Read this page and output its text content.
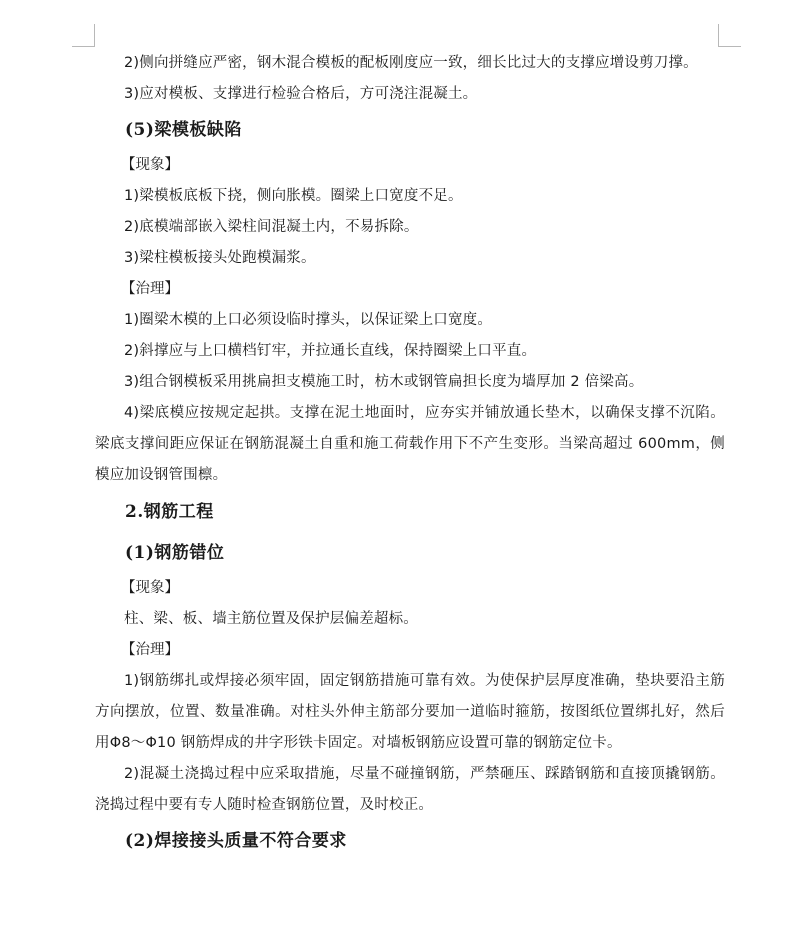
2)侧向拼缝应严密，钢木混合模板的配板刚度应一致，细长比过大的支撑应增设剪刀撑。

3)应对模板、支撑进行检验合格后，方可浇注混凝土。

(5)梁模板缺陷

【现象】

1)梁模板底板下挠，侧向胀模。圈梁上口宽度不足。

2)底模端部嵌入梁柱间混凝土内，不易拆除。

3)梁柱模板接头处跑模漏浆。

【治理】

1)圈梁木模的上口必须设临时撑头，以保证梁上口宽度。

2)斜撑应与上口横档钉牢，并拉通长直线，保持圈梁上口平直。

3)组合钢模板采用挑扁担支模施工时，枋木或钢管扁担长度为墙厚加 2 倍梁高。

4)梁底模应按规定起拱。支撑在泥土地面时，应夯实并铺放通长垫木，以确保支撑不沉陷。梁底支撑间距应保证在钢筋混凝土自重和施工荷载作用下不产生变形。当梁高超过 600mm，侧模应加设钢管围檩。

2.钢筋工程
(1)钢筋错位

【现象】

柱、梁、板、墙主筋位置及保护层偏差超标。

【治理】

1)钢筋绑扎或焊接必须牢固，固定钢筋措施可靠有效。为使保护层厚度准确，垫块要沿主筋方向摆放，位置、数量准确。对柱头外伸主筋部分要加一道临时箍筋，按图纸位置绑扎好，然后用Φ8～Φ10 钢筋焊成的井字形铁卡固定。对墙板钢筋应设置可靠的钢筋定位卡。

2)混凝土浇捣过程中应采取措施，尽量不碰撞钢筋，严禁砸压、踩踏钢筋和直接顶撬钢筋。浇捣过程中要有专人随时检查钢筋位置，及时校正。

(2)焊接接头质量不符合要求
